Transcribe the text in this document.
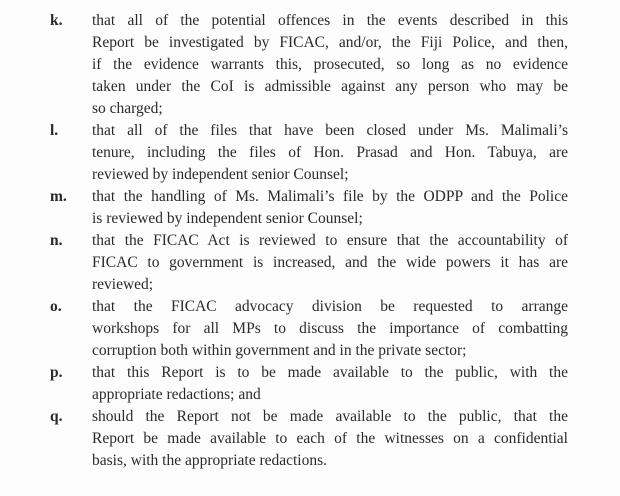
k. that all of the potential offences in the events described in this
Report be investigated by FICAC, and/or, the Fiji Police, and then,
if the evidence warrants this, prosecuted, so long as no evidence
taken under the CoI is admissible against any person who may be
so charged;
l. that all of the files that have been closed under Ms. Malimali’s
tenure, including the files of Hon. Prasad and Hon. Tabuya, are
reviewed by independent senior Counsel;
m. that the handling of Ms. Malimali’s file by the ODPP and the Police
is reviewed by independent senior Counsel;
n. that the FICAC Act is reviewed to ensure that the accountability of
FICAC to government is increased, and the wide powers it has are
reviewed;
o. that the FICAC advocacy division be requested to arrange
workshops for all MPs to discuss the importance of combatting
corruption both within government and in the private sector;
p. that this Report is to be made available to the public, with the
appropriate redactions; and
q. should the Report not be made available to the public, that the
Report be made available to each of the witnesses on a confidential
basis, with the appropriate redactions.
